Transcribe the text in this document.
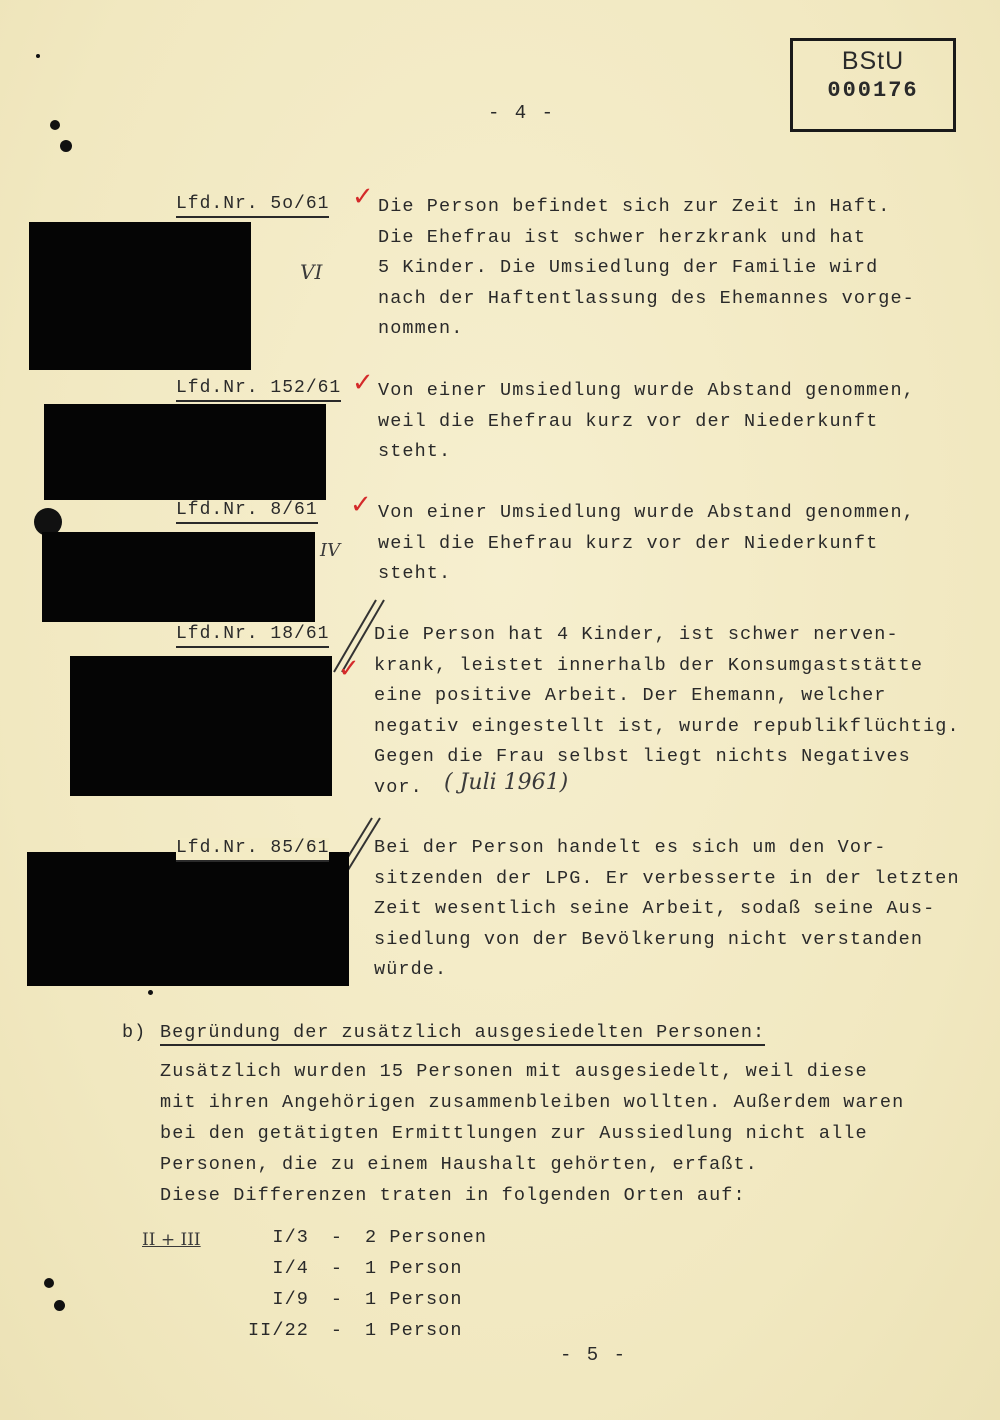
BStU
000176
- 4 -
Lfd.Nr. 5o/61 ✓ Die Person befindet sich zur Zeit in Haft.
Die Ehefrau ist schwer herzkrank und hat
5 Kinder. Die Umsiedlung der Familie wird
nach der Haftentlassung des Ehemannes vorge-
nommen.
VI
Lfd.Nr. 152/61 ✓ Von einer Umsiedlung wurde Abstand genommen,
weil die Ehefrau kurz vor der Niederkunft
steht.
Lfd.Nr. 8/61 ✓ Von einer Umsiedlung wurde Abstand genommen,
weil die Ehefrau kurz vor der Niederkunft
steht.
IV
Lfd.Nr. 18/61
✓
Die Person hat 4 Kinder, ist schwer nerven-
krank, leistet innerhalb der Konsumgaststätte
eine positive Arbeit. Der Ehemann, welcher
negativ eingestellt ist, wurde republikflüchtig.
Gegen die Frau selbst liegt nichts Negatives
vor. ( Juli 1961)
Lfd.Nr. 85/61 Bei der Person handelt es sich um den Vor-
sitzenden der LPG. Er verbesserte in der letzten
Zeit wesentlich seine Arbeit, sodaß seine Aus-
siedlung von der Bevölkerung nicht verstanden
würde.
b) Begründung der zusätzlich ausgesiedelten Personen:
Zusätzlich wurden 15 Personen mit ausgesiedelt, weil diese
mit ihren Angehörigen zusammenbleiben wollten. Außerdem waren
bei den getätigten Ermittlungen zur Aussiedlung nicht alle
Personen, die zu einem Haushalt gehörten, erfaßt.
Diese Differenzen traten in folgenden Orten auf:
II + III	I/3	-	2 Personen
I/4	-	1 Person
I/9	-	1 Person
II/22	-	1 Person
- 5 -
